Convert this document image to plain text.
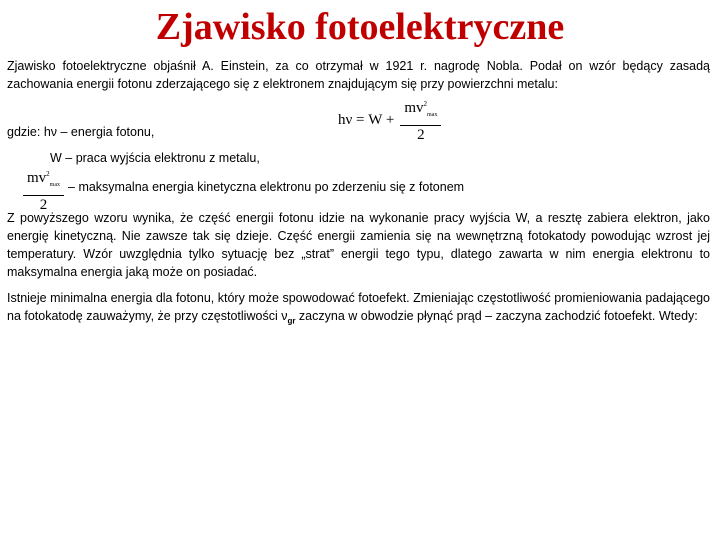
Zjawisko fotoelektryczne
Zjawisko fotoelektryczne objaśnił A. Einstein, za co otrzymał w 1921 r. nagrodę Nobla. Podał on wzór będący zasadą zachowania energii fotonu zderzającego się z elektronem znajdującym się przy powierzchni metalu:
$h\nu = W + \frac{mv^2_{max}}{2}$
gdzie: hν – energia fotonu,
W – praca wyjścia elektronu z metalu,
$\frac{mv^2_{max}}{2}$ – maksymalna energia kinetyczna elektronu po zderzeniu się z fotonem
Z powyższego wzoru wynika, że część energii fotonu idzie na wykonanie pracy wyjścia W, a resztę zabiera elektron, jako energię kinetyczną. Nie zawsze tak się dzieje. Część energii zamienia się na wewnętrzną fotokatody powodując wzrost jej temperatury. Wzór uwzględnia tylko sytuację bez „strat” energii tego typu, dlatego zawarta w nim energia elektronu to maksymalna energia jaką może on posiadać.
Istnieje minimalna energia dla fotonu, który może spowodować fotoefekt. Zmieniając częstotliwość promieniowania padającego na fotokatodę zauważymy, że przy częstotliwości $\nu_{gr}$ zaczyna w obwodzie płynąć prąd – zaczyna zachodzić fotoefekt. Wtedy:
